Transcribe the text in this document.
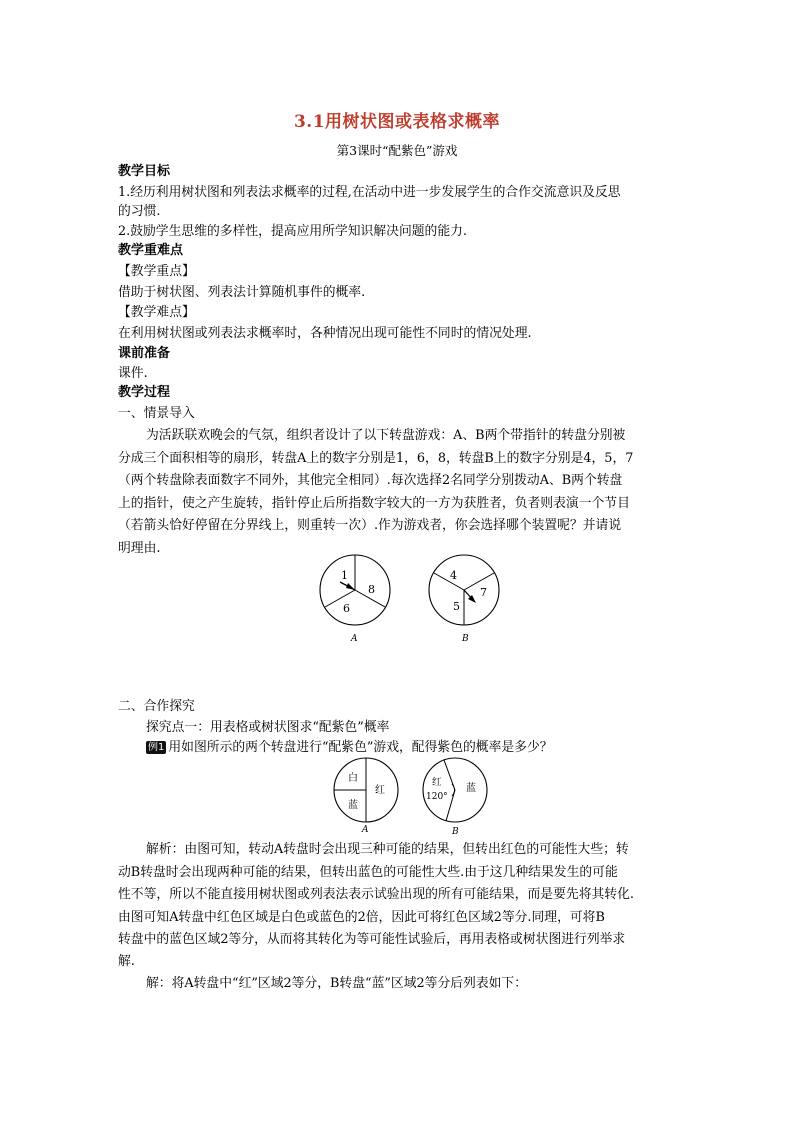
3.1用树状图或表格求概率
第3课时“配紫色”游戏
教学目标
1.经历利用树状图和列表法求概率的过程,在活动中进一步发展学生的合作交流意识及反思
的习惯.
2.鼓励学生思维的多样性，提高应用所学知识解决问题的能力.
教学重难点
【教学重点】
借助于树状图、列表法计算随机事件的概率.
【教学难点】
在利用树状图或列表法求概率时，各种情况出现可能性不同时的情况处理.
课前准备
课件.
教学过程
一、情景导入
为活跃联欢晚会的气氛，组织者设计了以下转盘游戏：A、B两个带指针的转盘分别被
分成三个面积相等的扇形，转盘A上的数字分别是1，6，8，转盘B上的数字分别是4，5，7
（两个转盘除表面数字不同外，其他完全相同）.每次选择2名同学分别拨动A、B两个转盘
上的指针，使之产生旋转，指针停止后所指数字较大的一方为获胜者，负者则表演一个节目
（若箭头恰好停留在分界线上，则重转一次）.作为游戏者，你会选择哪个装置呢？并请说
明理由.
1
8
6
A
4
7
5
B
二、合作探究
探究点一：用表格或树状图求“配紫色”概率
例1 用如图所示的两个转盘进行“配紫色”游戏，配得紫色的概率是多少？
白
红
蓝
A
红
120°
蓝
B
解析：由图可知，转动A转盘时会出现三种可能的结果，但转出红色的可能性大些；转
动B转盘时会出现两种可能的结果，但转出蓝色的可能性大些.由于这几种结果发生的可能
性不等，所以不能直接用树状图或列表法表示试验出现的所有可能结果，而是要先将其转化.
由图可知A转盘中红色区域是白色或蓝色的2倍，因此可将红色区域2等分.同理，可将B
转盘中的蓝色区域2等分，从而将其转化为等可能性试验后，再用表格或树状图进行列举求
解.
解：将A转盘中“红”区域2等分，B转盘“蓝”区域2等分后列表如下：
